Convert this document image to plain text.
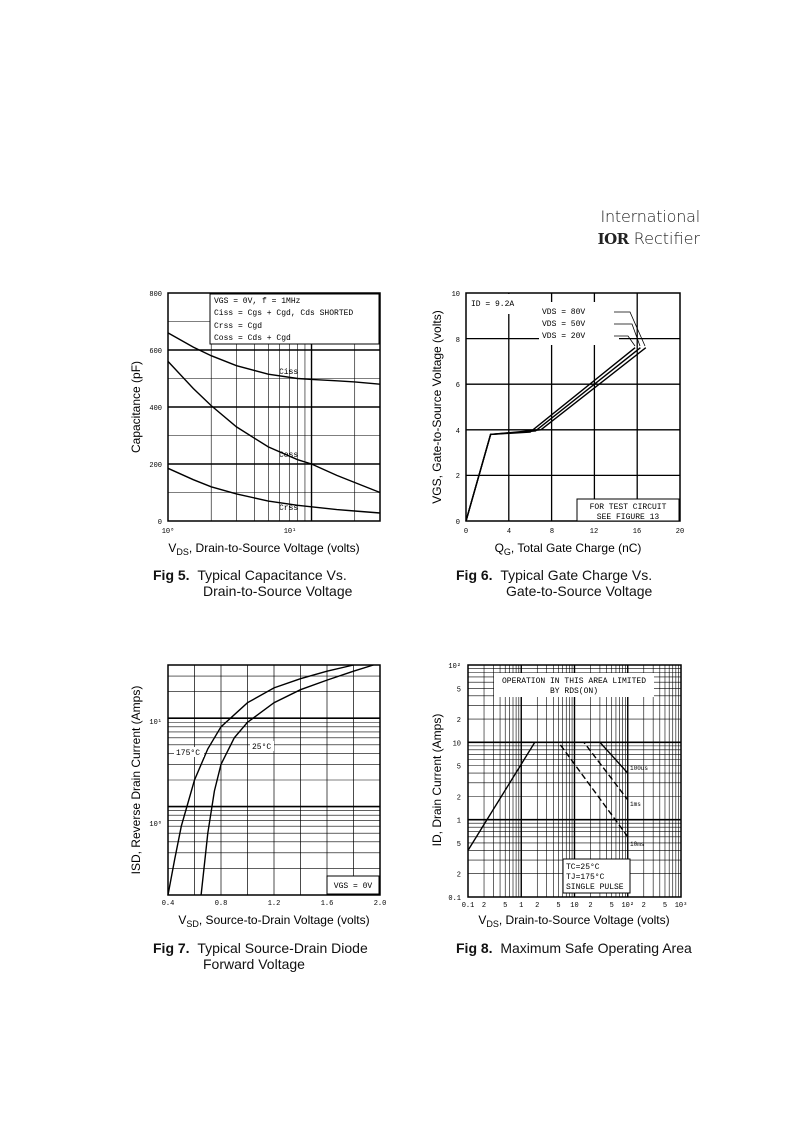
International
IOR Rectifier
VGS = 0V, f = 1MHz
Ciss = Cgs + Cgd, Cds SHORTED
Crss = Cgd
Coss = Cds + Cgd
Ciss
Coss
Crss
800
600
400
200
0
10⁰	10¹
$V_{DS}$, Drain-to-Source Voltage (volts)
Capacitance (pF)
ID = 9.2A
VDS = 80V
VDS = 50V
VDS = 20V
FOR TEST CIRCUIT
SEE FIGURE 13
10
8
6
4
2
0
0	4	8	12	16	20
$Q_G$, Total Gate Charge (nC)
VGS, Gate-to-Source Voltage (volts)
VGS = 0V
175°C
25°C
10¹
10⁰
0.4	0.8	1.2	1.6	2.0
$V_{SD}$, Source-to-Drain Voltage (volts)
ISD, Reverse Drain Current (Amps)
OPERATION IN THIS AREA LIMITED
BY RDS(ON)
TC=25°C
TJ=175°C
SINGLE PULSE
100us
1ms
10ms
0.1 2 5 1 2 5 10 2 5 10² 2 5 10³
0.1
2
5
1
2
5
10
2
5
10²
$V_{DS}$, Drain-to-Source Voltage (volts)
ID, Drain Current (Amps)
Fig 5. Typical Capacitance Vs.
Drain-to-Source Voltage
Fig 6. Typical Gate Charge Vs.
Gate-to-Source Voltage
Fig 7. Typical Source-Drain Diode
Forward Voltage
Fig 8. Maximum Safe Operating Area
